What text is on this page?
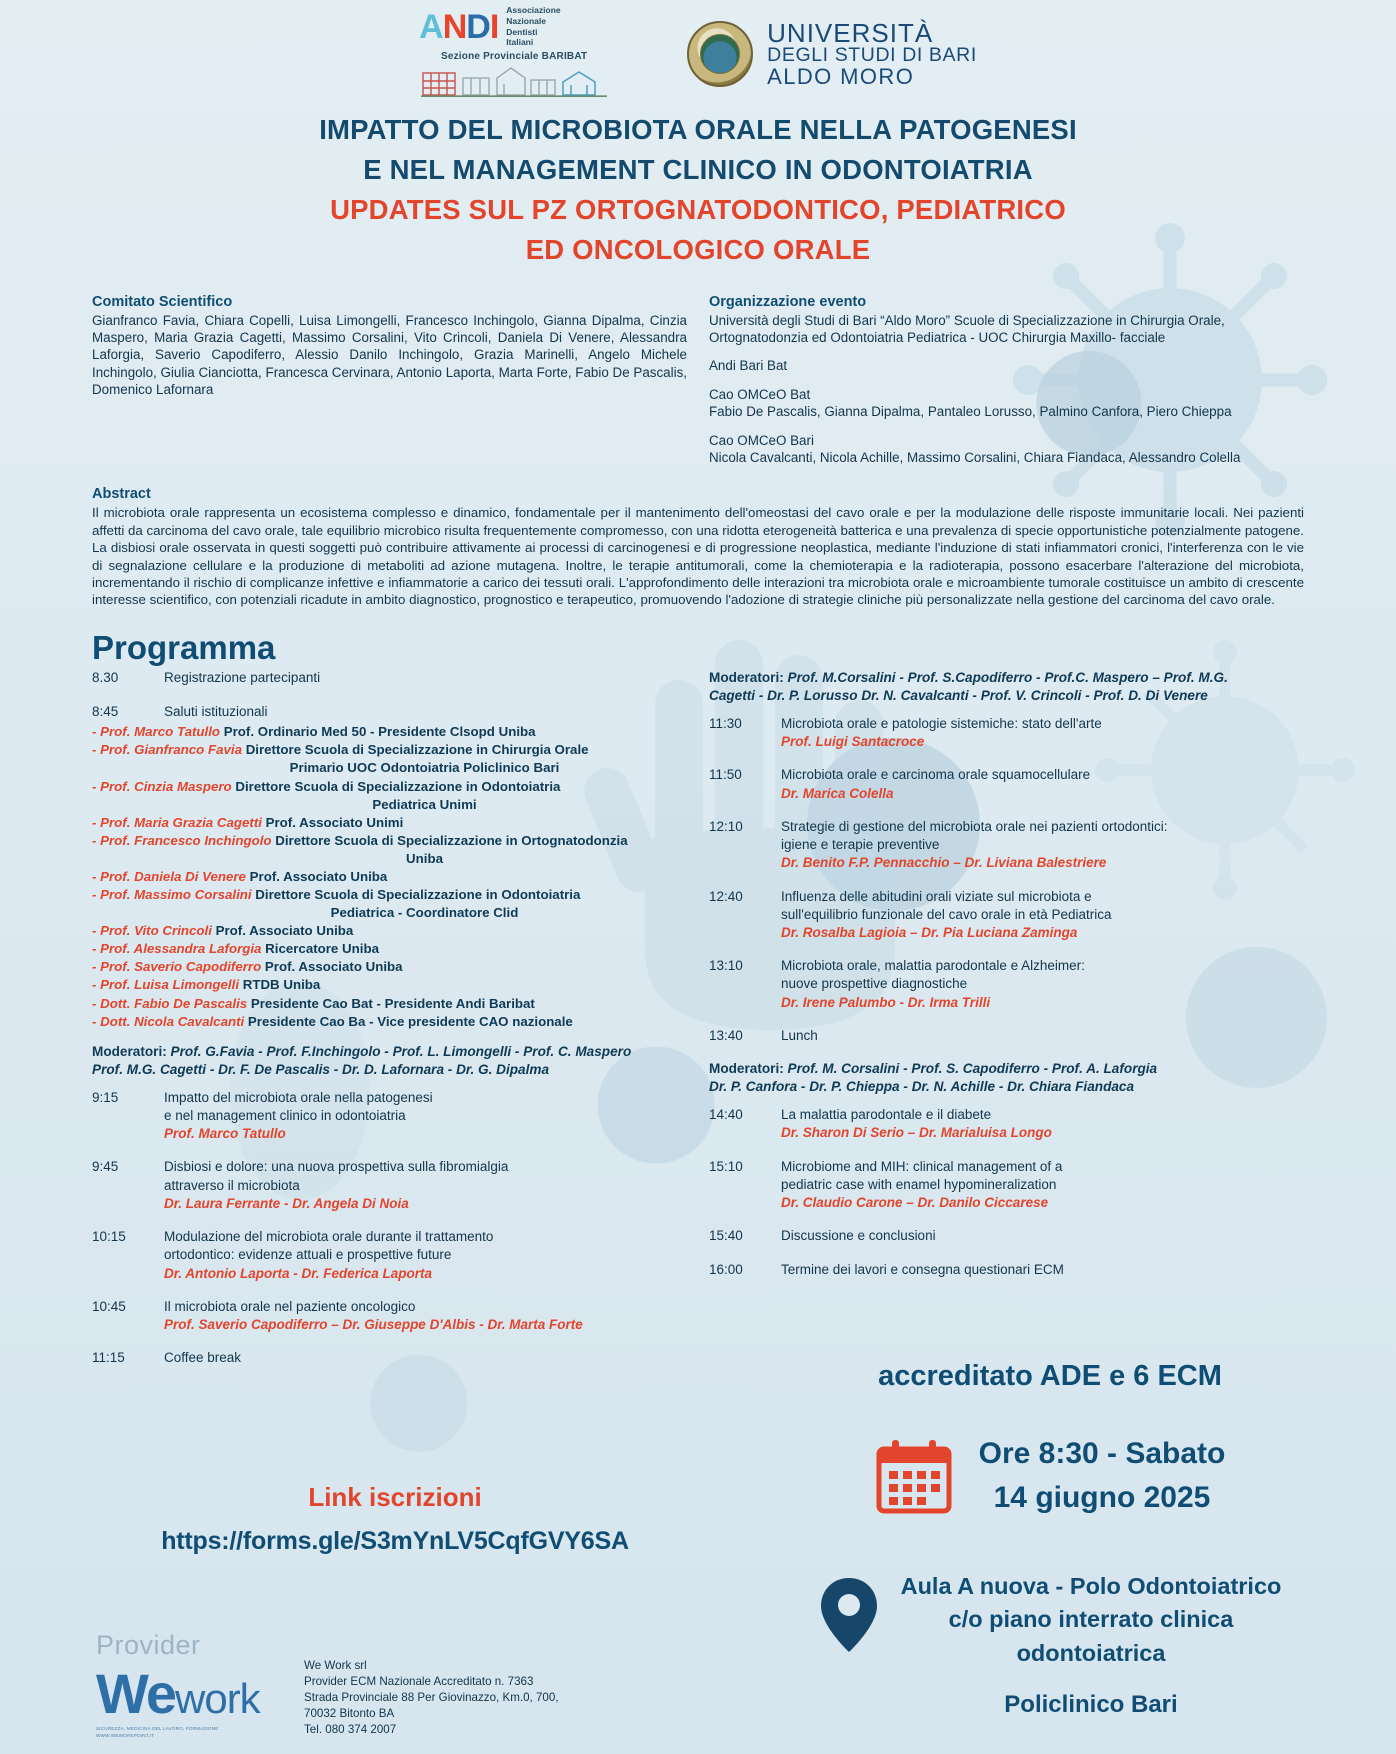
ANDI Associazione
Nazionale
Dentisti
Italiani
Sezione Provinciale BARIBAT
UNIVERSITÀ
DEGLI STUDI DI BARI
ALDO MORO
IMPATTO DEL MICROBIOTA ORALE NELLA PATOGENESI
E NEL MANAGEMENT CLINICO IN ODONTOIATRIA
UPDATES SUL PZ ORTOGNATODONTICO, PEDIATRICO
ED ONCOLOGICO ORALE
Comitato Scientifico
Gianfranco Favia, Chiara Copelli, Luisa Limongelli, Francesco Inchingolo, Gianna Dipalma, Cinzia Maspero, Maria Grazia Cagetti, Massimo Corsalini, Vito Crincoli, Daniela Di Venere, Alessandra Laforgia, Saverio Capodiferro, Alessio Danilo Inchingolo, Grazia Marinelli, Angelo Michele Inchingolo, Giulia Cianciotta, Francesca Cervinara, Antonio Laporta, Marta Forte, Fabio De Pascalis, Domenico Lafornara
Organizzazione evento
Università degli Studi di Bari “Aldo Moro” Scuole di Specializzazione in Chirurgia Orale, Ortognatodonzia ed Odontoiatria Pediatrica - UOC Chirurgia Maxillo- facciale
Andi Bari Bat
Cao OMCeO Bat
Fabio De Pascalis, Gianna Dipalma, Pantaleo Lorusso, Palmino Canfora, Piero Chieppa
Cao OMCeO Bari
Nicola Cavalcanti, Nicola Achille, Massimo Corsalini, Chiara Fiandaca, Alessandro Colella
Abstract
Il microbiota orale rappresenta un ecosistema complesso e dinamico, fondamentale per il mantenimento dell'omeostasi del cavo orale e per la modulazione delle risposte immunitarie locali. Nei pazienti affetti da carcinoma del cavo orale, tale equilibrio microbico risulta frequentemente compromesso, con una ridotta eterogeneità batterica e una prevalenza di specie opportunistiche potenzialmente patogene. La disbiosi orale osservata in questi soggetti può contribuire attivamente ai processi di carcinogenesi e di progressione neoplastica, mediante l'induzione di stati infiammatori cronici, l'interferenza con le vie di segnalazione cellulare e la produzione di metaboliti ad azione mutagena. Inoltre, le terapie antitumorali, come la chemioterapia e la radioterapia, possono esacerbare l'alterazione del microbiota, incrementando il rischio di complicanze infettive e infiammatorie a carico dei tessuti orali. L'approfondimento delle interazioni tra microbiota orale e microambiente tumorale costituisce un ambito di crescente interesse scientifico, con potenziali ricadute in ambito diagnostico, prognostico e terapeutico, promuovendo l'adozione di strategie cliniche più personalizzate nella gestione del carcinoma del cavo orale.
Programma
8.30	Registrazione partecipanti
8:45	Saluti istituzionali
- Prof. Marco Tatullo Prof. Ordinario Med 50 - Presidente Clsopd Uniba
- Prof. Gianfranco Favia Direttore Scuola di Specializzazione in Chirurgia Orale
Primario UOC Odontoiatria Policlinico Bari
- Prof. Cinzia Maspero Direttore Scuola di Specializzazione in Odontoiatria
Pediatrica Unimi
- Prof. Maria Grazia Cagetti Prof. Associato Unimi
- Prof. Francesco Inchingolo Direttore Scuola di Specializzazione in Ortognatodonzia
Uniba
- Prof. Daniela Di Venere Prof. Associato Uniba
- Prof. Massimo Corsalini Direttore Scuola di Specializzazione in Odontoiatria
Pediatrica - Coordinatore Clid
- Prof. Vito Crincoli Prof. Associato Uniba
- Prof. Alessandra Laforgia Ricercatore Uniba
- Prof. Saverio Capodiferro Prof. Associato Uniba
- Prof. Luisa Limongelli RTDB Uniba
- Dott. Fabio De Pascalis Presidente Cao Bat - Presidente Andi Baribat
- Dott. Nicola Cavalcanti Presidente Cao Ba - Vice presidente CAO nazionale
Moderatori: Prof. G.Favia - Prof. F.Inchingolo - Prof. L. Limongelli - Prof. C. Maspero
Prof. M.G. Cagetti - Dr. F. De Pascalis - Dr. D. Lafornara - Dr. G. Dipalma
9:15	Impatto del microbiota orale nella patogenesi
e nel management clinico in odontoiatria
Prof. Marco Tatullo
9:45	Disbiosi e dolore: una nuova prospettiva sulla fibromialgia
attraverso il microbiota
Dr. Laura Ferrante - Dr. Angela Di Noia
10:15	Modulazione del microbiota orale durante il trattamento
ortodontico: evidenze attuali e prospettive future
Dr. Antonio Laporta - Dr. Federica Laporta
10:45	Il microbiota orale nel paziente oncologico
Prof. Saverio Capodiferro – Dr. Giuseppe D'Albis - Dr. Marta Forte
11:15	Coffee break
Moderatori: Prof. M.Corsalini - Prof. S.Capodiferro - Prof.C. Maspero – Prof. M.G.
Cagetti - Dr. P. Lorusso Dr. N. Cavalcanti - Prof. V. Crincoli - Prof. D. Di Venere
11:30	Microbiota orale e patologie sistemiche: stato dell'arte
Prof. Luigi Santacroce
11:50	Microbiota orale e carcinoma orale squamocellulare
Dr. Marica Colella
12:10	Strategie di gestione del microbiota orale nei pazienti ortodontici:
igiene e terapie preventive
Dr. Benito F.P. Pennacchio – Dr. Liviana Balestriere
12:40	Influenza delle abitudini orali viziate sul microbiota e
sull'equilibrio funzionale del cavo orale in età Pediatrica
Dr. Rosalba Lagioia – Dr. Pia Luciana Zaminga
13:10	Microbiota orale, malattia parodontale e Alzheimer:
nuove prospettive diagnostiche
Dr. Irene Palumbo - Dr. Irma Trilli
13:40	Lunch
Moderatori: Prof. M. Corsalini - Prof. S. Capodiferro - Prof. A. Laforgia
Dr. P. Canfora - Dr. P. Chieppa - Dr. N. Achille - Dr. Chiara Fiandaca
14:40	La malattia parodontale e il diabete
Dr. Sharon Di Serio – Dr. Marialuisa Longo
15:10	Microbiome and MIH: clinical management of a
pediatric case with enamel hypomineralization
Dr. Claudio Carone – Dr. Danilo Ciccarese
15:40	Discussione e conclusioni
16:00	Termine dei lavori e consegna questionari ECM
accreditato ADE e 6 ECM
Ore 8:30 - Sabato
14 giugno 2025
Aula A nuova - Polo Odontoiatrico
c/o piano interrato clinica
odontoiatrica
Policlinico Bari
Link iscrizioni
https://forms.gle/S3mYnLV5CqfGVY6SA
Provider
We work
SICUREZZA, MEDICINA DEL LAVORO, FORMAZIONE
WWW.WEWORKPOINT.IT
We Work srl
Provider ECM Nazionale Accreditato n. 7363
Strada Provinciale 88 Per Giovinazzo, Km.0, 700,
70032 Bitonto BA
Tel. 080 374 2007
